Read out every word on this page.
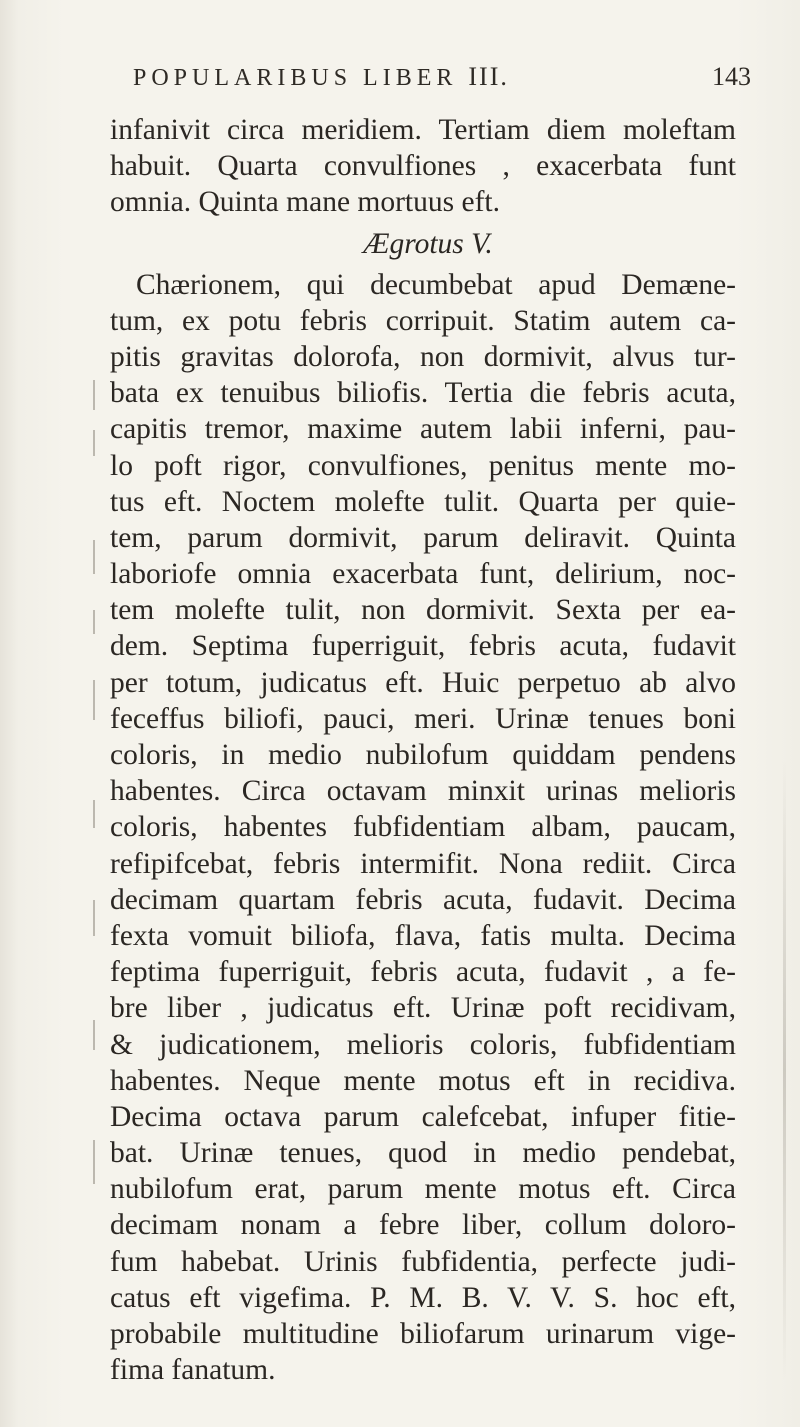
POPULARIBUS LIBER III.	143
infanivit circa meridiem. Tertiam diem moleftam
habuit. Quarta convulfiones , exacerbata funt
omnia. Quinta mane mortuus eft.
Ægrotus V.
Chærionem, qui decumbebat apud Demæne-
tum, ex potu febris corripuit. Statim autem ca-
pitis gravitas dolorofa, non dormivit, alvus tur-
bata ex tenuibus biliofis. Tertia die febris acuta,
capitis tremor, maxime autem labii inferni, pau-
lo poft rigor, convulfiones, penitus mente mo-
tus eft. Noctem molefte tulit. Quarta per quie-
tem, parum dormivit, parum deliravit. Quinta
laboriofe omnia exacerbata funt, delirium, noc-
tem molefte tulit, non dormivit. Sexta per ea-
dem. Septima fuperriguit, febris acuta, fudavit
per totum, judicatus eft. Huic perpetuo ab alvo
feceffus biliofi, pauci, meri. Urinæ tenues boni
coloris, in medio nubilofum quiddam pendens
habentes. Circa octavam minxit urinas melioris
coloris, habentes fubfidentiam albam, paucam,
refipifcebat, febris intermifit. Nona rediit. Circa
decimam quartam febris acuta, fudavit. Decima
fexta vomuit biliofa, flava, fatis multa. Decima
feptima fuperriguit, febris acuta, fudavit , a fe-
bre liber , judicatus eft. Urinæ poft recidivam,
& judicationem, melioris coloris, fubfidentiam
habentes. Neque mente motus eft in recidiva.
Decima octava parum calefcebat, infuper fitie-
bat. Urinæ tenues, quod in medio pendebat,
nubilofum erat, parum mente motus eft. Circa
decimam nonam a febre liber, collum doloro-
fum habebat. Urinis fubfidentia, perfecte judi-
catus eft vigefima. P. M. B. V. V. S. hoc eft,
probabile multitudine biliofarum urinarum vige-
fima fanatum.
